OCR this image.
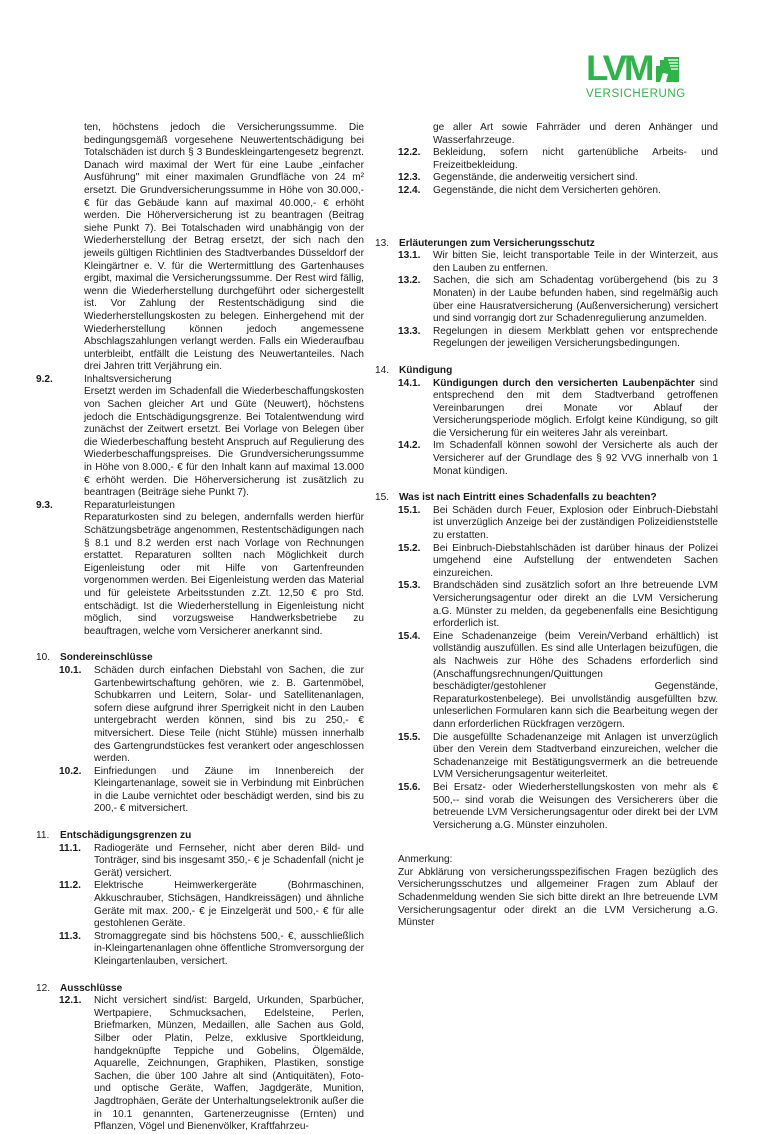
LVM
VERSICHERUNG

ten, höchstens jedoch die Versicherungssumme. Die bedingungsgemäß vorgesehene Neuwertentschädigung bei Totalschäden ist durch § 3 Bundeskleingartengesetz begrenzt. Danach wird maximal der Wert für eine Laube „einfacher Ausführung" mit einer maximalen Grundfläche von 24 m² ersetzt. Die Grundversicherungssumme in Höhe von 30.000,- € für das Gebäude kann auf maximal 40.000,- € erhöht werden. Die Höherversicherung ist zu beantragen (Beitrag siehe Punkt 7). Bei Totalschaden wird unabhängig von der Wiederherstellung der Betrag ersetzt, der sich nach den jeweils gültigen Richtlinien des Stadtverbandes Düsseldorf der Kleingärtner e. V. für die Wertermittlung des Gartenhauses ergibt, maximal die Versicherungssumme. Der Rest wird fällig, wenn die Wiederherstellung durchgeführt oder sichergestellt ist. Vor Zahlung der Restentschädigung sind die Wiederherstellungskosten zu belegen. Einhergehend mit der Wiederherstellung können jedoch angemessene Abschlagszahlungen verlangt werden. Falls ein Wiederaufbau unterbleibt, entfällt die Leistung des Neuwertanteiles. Nach drei Jahren tritt Verjährung ein.

9.2.	Inhaltsversicherung
Ersetzt werden im Schadenfall die Wiederbeschaffungskosten von Sachen gleicher Art und Güte (Neuwert), höchstens jedoch die Entschädigungsgrenze. Bei Totalentwendung wird zunächst der Zeitwert ersetzt. Bei Vorlage von Belegen über die Wiederbeschaffung besteht Anspruch auf Regulierung des Wiederbeschaffungspreises. Die Grundversicherungssumme in Höhe von 8.000,- € für den Inhalt kann auf maximal 13.000 € erhöht werden. Die Höherversicherung ist zusätzlich zu beantragen (Beiträge siehe Punkt 7).
9.3.	Reparaturleistungen
Reparaturkosten sind zu belegen, andernfalls werden hierfür Schätzungsbeträge angenommen, Restentschädigungen nach § 8.1 und 8.2 werden erst nach Vorlage von Rechnungen erstattet. Reparaturen sollten nach Möglichkeit durch Eigenleistung oder mit Hilfe von Gartenfreunden vorgenommen werden. Bei Eigenleistung werden das Material und für geleistete Arbeitsstunden z.Zt. 12,50 € pro Std. entschädigt. Ist die Wiederherstellung in Eigenleistung nicht möglich, sind vorzugsweise Handwerksbetriebe zu beauftragen, welche vom Versicherer anerkannt sind.
10. Sondereinschlüsse
10.1. Schäden durch einfachen Diebstahl von Sachen, die zur Gartenbewirtschaftung gehören, wie z. B. Gartenmöbel, Schubkarren und Leitern, Solar- und Satellitenanlagen, sofern diese aufgrund ihrer Sperrigkeit nicht in den Lauben untergebracht werden können, sind bis zu 250,- € mitversichert. Diese Teile (nicht Stühle) müssen innerhalb des Gartengrundstückes fest verankert oder angeschlossen werden.
10.2. Einfriedungen und Zäune im Innenbereich der Kleingartenanlage, soweit sie in Verbindung mit Einbrüchen in die Laube vernichtet oder beschädigt werden, sind bis zu 200,- € mitversichert.
11. Entschädigungsgrenzen zu
11.1. Radiogeräte und Fernseher, nicht aber deren Bild- und Tonträger, sind bis insgesamt 350,- € je Schadenfall (nicht je Gerät) versichert.
11.2. Elektrische Heimwerkergeräte (Bohrmaschinen, Akkuschrauber, Stichsägen, Handkreissägen) und ähnliche Geräte mit max. 200,- € je Einzelgerät und 500,- € für alle gestohlenen Geräte.
11.3. Stromaggregate sind bis höchstens 500,- €, ausschließlich in-Kleingartenanlagen ohne öffentliche Stromversorgung der Kleingartenlauben, versichert.
12. Ausschlüsse
12.1. Nicht versichert sind/ist: Bargeld, Urkunden, Sparbücher, Wertpapiere, Schmucksachen, Edelsteine, Perlen, Briefmarken, Münzen, Medaillen, alle Sachen aus Gold, Silber oder Platin, Pelze, exklusive Sportkleidung, handgeknüpfte Teppiche und Gobelins, Ölgemälde, Aquarelle, Zeichnungen, Graphiken, Plastiken, sonstige Sachen, die über 100 Jahre alt sind (Antiquitäten), Foto- und optische Geräte, Waffen, Jagdgeräte, Munition, Jagdtrophäen, Geräte der Unterhaltungselektronik außer die in 10.1 genannten, Gartenerzeugnisse (Ernten) und Pflanzen, Vögel und Bienenvölker, Kraftfahrzeu-
ge aller Art sowie Fahrräder und deren Anhänger und Wasserfahrzeuge.
12.2. Bekleidung, sofern nicht gartenübliche Arbeits- und Freizeitbekleidung.
12.3. Gegenstände, die anderweitig versichert sind.
12.4. Gegenstände, die nicht dem Versicherten gehören.
13. Erläuterungen zum Versicherungsschutz
13.1. Wir bitten Sie, leicht transportable Teile in der Winterzeit, aus den Lauben zu entfernen.
13.2. Sachen, die sich am Schadentag vorübergehend (bis zu 3 Monaten) in der Laube befunden haben, sind regelmäßig auch über eine Hausratversicherung (Außenversicherung) versichert und sind vorrangig dort zur Schadenregulierung anzumelden.
13.3. Regelungen in diesem Merkblatt gehen vor entsprechende Regelungen der jeweiligen Versicherungsbedingungen.
14. Kündigung
14.1. Kündigungen durch den versicherten Laubenpächter sind entsprechend den mit dem Stadtverband getroffenen Vereinbarungen drei Monate vor Ablauf der Versicherungsperiode möglich. Erfolgt keine Kündigung, so gilt die Versicherung für ein weiteres Jahr als vereinbart.
14.2. Im Schadenfall können sowohl der Versicherte als auch der Versicherer auf der Grundlage des § 92 VVG innerhalb von 1 Monat kündigen.
15. Was ist nach Eintritt eines Schadenfalls zu beachten?
15.1. Bei Schäden durch Feuer, Explosion oder Einbruch-Diebstahl ist unverzüglich Anzeige bei der zuständigen Polizeidienststelle zu erstatten.
15.2. Bei Einbruch-Diebstahlschäden ist darüber hinaus der Polizei umgehend eine Aufstellung der entwendeten Sachen einzureichen.
15.3. Brandschäden sind zusätzlich sofort an Ihre betreuende LVM Versicherungsagentur oder direkt an die LVM Versicherung a.G. Münster zu melden, da gegebenenfalls eine Besichtigung erforderlich ist.
15.4. Eine Schadenanzeige (beim Verein/Verband erhältlich) ist vollständig auszufüllen. Es sind alle Unterlagen beizufügen, die als Nachweis zur Höhe des Schadens erforderlich sind (Anschaffungsrechnungen/Quittungen beschädigter/gestohlener Gegenstände, Reparaturkostenbelege). Bei unvollständig ausgefüllten bzw. unleserlichen Formularen kann sich die Bearbeitung wegen der dann erforderlichen Rückfragen verzögern.
15.5. Die ausgefüllte Schadenanzeige mit Anlagen ist unverzüglich über den Verein dem Stadtverband einzureichen, welcher die Schadenanzeige mit Bestätigungsvermerk an die betreuende LVM Versicherungsagentur weiterleitet.
15.6. Bei Ersatz- oder Wiederherstellungskosten von mehr als € 500,-- sind vorab die Weisungen des Versicherers über die betreuende LVM Versicherungsagentur oder direkt bei der LVM Versicherung a.G. Münster einzuholen.

Anmerkung:

Zur Abklärung von versicherungsspezifischen Fragen bezüglich des Versicherungsschutzes und allgemeiner Fragen zum Ablauf der Schadenmeldung wenden Sie sich bitte direkt an Ihre betreuende LVM Versicherungsagentur oder direkt an die LVM Versicherung a.G. Münster
